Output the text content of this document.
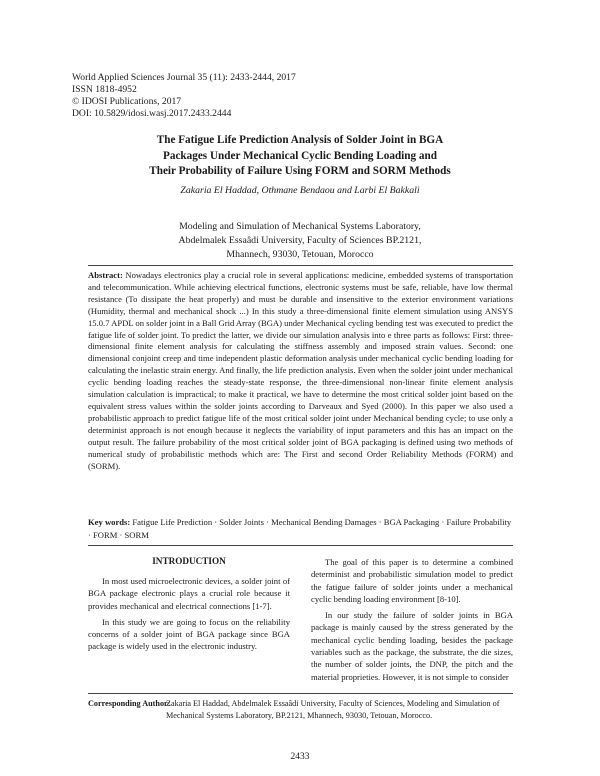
World Applied Sciences Journal 35 (11): 2433-2444, 2017
ISSN 1818-4952
© IDOSI Publications, 2017
DOI: 10.5829/idosi.wasj.2017.2433.2444
The Fatigue Life Prediction Analysis of Solder Joint in BGA
Packages Under Mechanical Cyclic Bending Loading and
Their Probability of Failure Using FORM and SORM Methods
Zakaria El Haddad, Othmane Bendaou and Larbi El Bakkali
Modeling and Simulation of Mechanical Systems Laboratory,
Abdelmalek Essaâdi University, Faculty of Sciences BP.2121,
Mhannech, 93030, Tetouan, Morocco
Abstract: Nowadays electronics play a crucial role in several applications: medicine, embedded systems of transportation and telecommunication. While achieving electrical functions, electronic systems must be safe, reliable, have low thermal resistance (To dissipate the heat properly) and must be durable and insensitive to the exterior environment variations (Humidity, thermal and mechanical shock ...) In this study a three-dimensional finite element simulation using ANSYS 15.0.7 APDL on solder joint in a Ball Grid Array (BGA) under Mechanical cycling bending test was executed to predict the fatigue life of solder joint. To predict the latter, we divide our simulation analysis into e three parts as follows: First: three-dimensional finite element analysis for calculating the stiffness assembly and imposed strain values. Second: one dimensional conjoint creep and time independent plastic deformation analysis under mechanical cyclic bending loading for calculating the inelastic strain energy. And finally, the life prediction analysis. Even when the solder joint under mechanical cyclic bending loading reaches the steady-state response, the three-dimensional non-linear finite element analysis simulation calculation is impractical; to make it practical, we have to determine the most critical solder joint based on the equivalent stress values within the solder joints according to Darveaux and Syed (2000). In this paper we also used a probabilistic approach to predict fatigue life of the most critical solder joint under Mechanical bending cycle; to use only a determinist approach is not enough because it neglects the variability of input parameters and this has an impact on the output result. The failure probability of the most critical solder joint of BGA packaging is defined using two methods of numerical study of probabilistic methods which are: The First and second Order Reliability Methods (FORM) and (SORM).
Key words: Fatigue Life Prediction · Solder Joints · Mechanical Bending Damages · BGA Packaging · Failure Probability · FORM · SORM
INTRODUCTION

In most used microelectronic devices, a solder joint of BGA package electronic plays a crucial role because it provides mechanical and electrical connections [1-7].

In this study we are going to focus on the reliability concerns of a solder joint of BGA package since BGA package is widely used in the electronic industry.

The goal of this paper is to determine a combined determinist and probabilistic simulation model to predict the fatigue failure of solder joints under a mechanical cyclic bending loading environment [8-10].

In our study the failure of solder joints in BGA package is mainly caused by the stress generated by the mechanical cyclic bending loading, besides the package variables such as the package, the substrate, the die sizes, the number of solder joints, the DNP, the pitch and the material proprieties. However, it is not simple to consider

Corresponding Author:
Zakaria El Haddad, Abdelmalek Essaâdi University, Faculty of Sciences, Modeling and Simulation of Mechanical Systems Laboratory, BP.2121, Mhannech, 93030, Tetouan, Morocco.
2433
